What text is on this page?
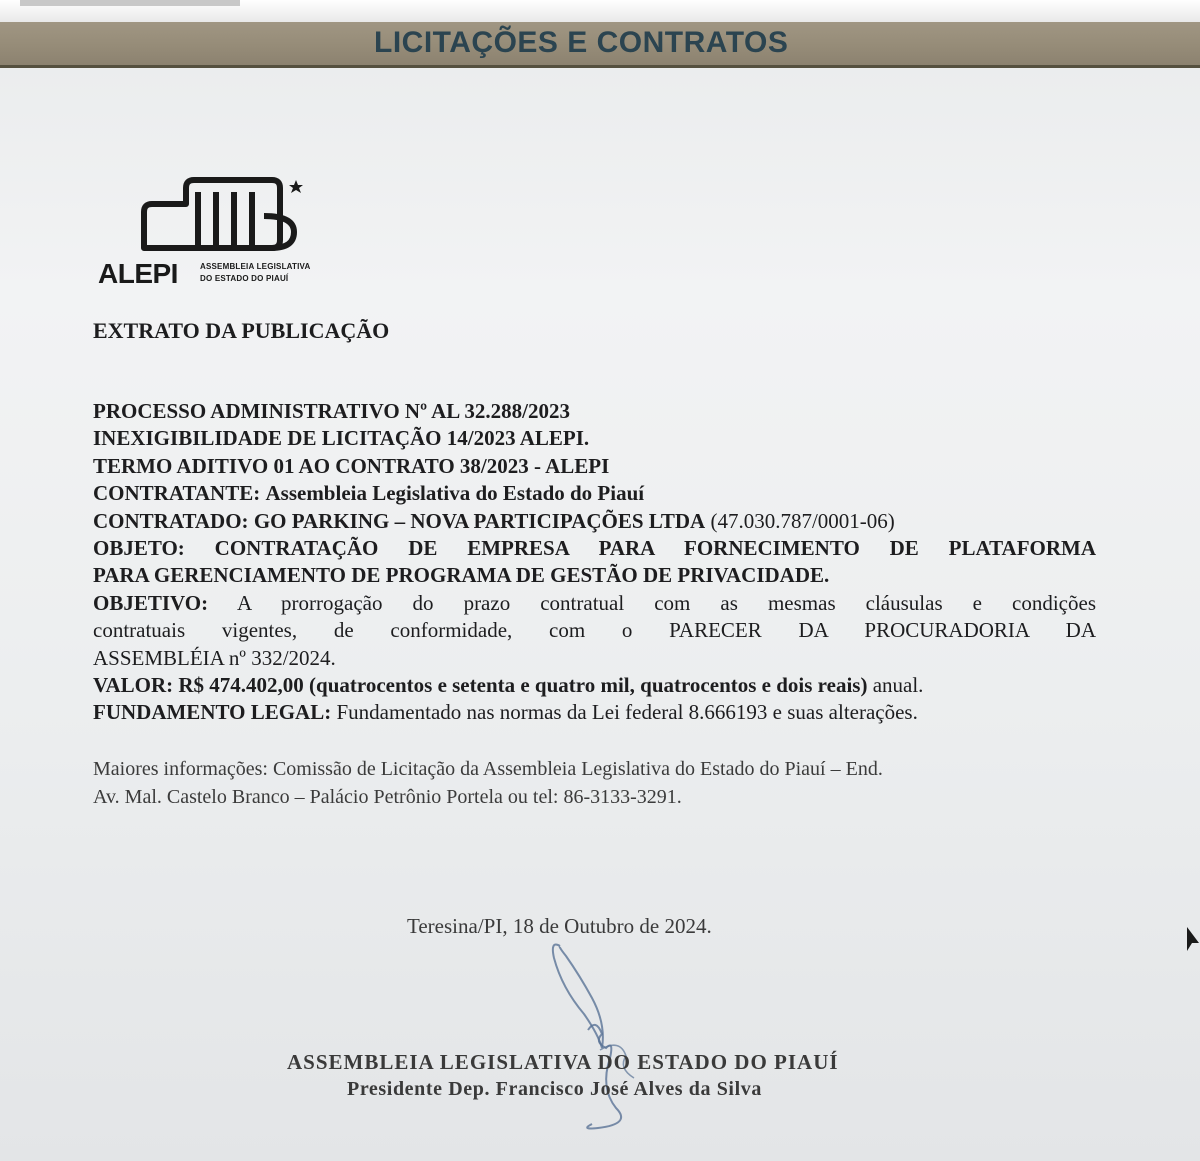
LICITAÇÕES E CONTRATOS
ALEPI	ASSEMBLEIA LEGISLATIVA
DO ESTADO DO PIAUÍ
EXTRATO DA PUBLICAÇÃO
PROCESSO ADMINISTRATIVO Nº AL 32.288/2023
INEXIGIBILIDADE DE LICITAÇÃO 14/2023 ALEPI.
TERMO ADITIVO 01 AO CONTRATO 38/2023 - ALEPI
CONTRATANTE: Assembleia Legislativa do Estado do Piauí
CONTRATADO: GO PARKING – NOVA PARTICIPAÇÕES LTDA (47.030.787/0001-06)
OBJETO: CONTRATAÇÃO DE EMPRESA PARA FORNECIMENTO DE PLATAFORMA
PARA GERENCIAMENTO DE PROGRAMA DE GESTÃO DE PRIVACIDADE.
OBJETIVO: A prorrogação do prazo contratual com as mesmas cláusulas e condições
contratuais vigentes, de conformidade, com o PARECER DA PROCURADORIA DA
ASSEMBLÉIA nº 332/2024.
VALOR: R$ 474.402,00 (quatrocentos e setenta e quatro mil, quatrocentos e dois reais) anual.
FUNDAMENTO LEGAL: Fundamentado nas normas da Lei federal 8.666193 e suas alterações.
Maiores informações: Comissão de Licitação da Assembleia Legislativa do Estado do Piauí – End.
Av. Mal. Castelo Branco – Palácio Petrônio Portela ou tel: 86-3133-3291.
Teresina/PI, 18 de Outubro de 2024.
ASSEMBLEIA LEGISLATIVA DO ESTADO DO PIAUÍ
Presidente Dep. Francisco José Alves da Silva
